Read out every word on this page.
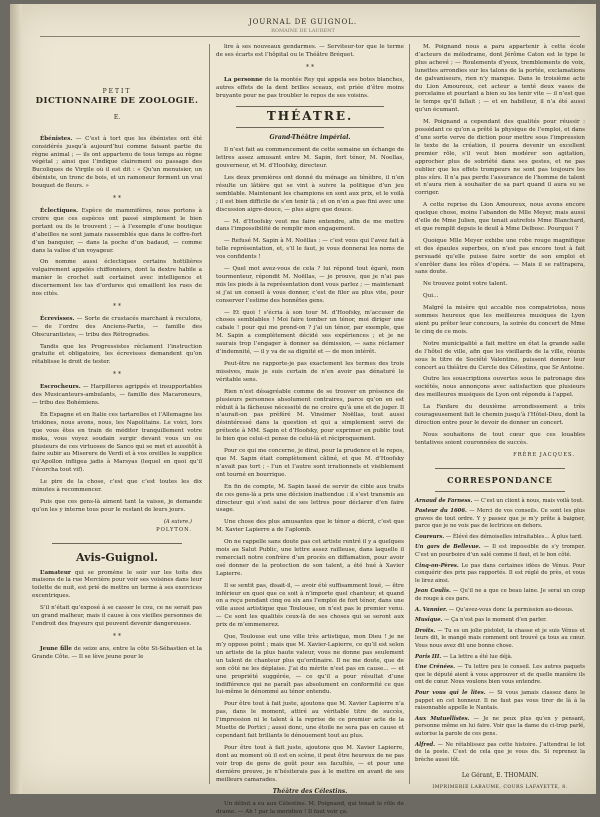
ROMAINE DE LAURENT
JOURNAL DE GUIGNOL.
PETIT
DICTIONNAIRE DE ZOOLOGIE.
E.

Ébénistes. — C’est à tort que les ébénistes ont été considérés jusqu’à aujourd’hui comme faisant partie du règne animal ; — ils ont appartenu de tous temps au règne végétal ; ainsi que l’indique clairement ou passage des Bucoliques de Virgile où il est dit : « Qu’un menuisier, un ébéniste, un tronc de bois, et un ramoneur forment un vrai bouquet de fleurs. »

* *

Éclectiques. Espèce de mammifères, nous portons à croire que ces espèces ont passé simplement le bien portant ou ils le trouvent ; — à l’exemple d’une boutique d’abeilles ne sont jamais rassemblés que dans le coffre-fort d’un banquier, — dans la poche d’un badaud, — comme dans la valise d’un voyageur.

On nomme aussi éclectiques certains hottilières vulgairement appelés chiffonniers, dont la dextre habile a manier le crochet sait certainet avec intelligence et discernement les tas d’ordures qui emaillent les rues de nos cités.

* *

Écrevisses. — Sorte de crustacés marchant à reculons, — de l’ordre des Anciens-Partis, — famille des Obscurantistes, — tribu des Rétrogrades.

Tandis que les Progressistes réclament l’instruction gratuite et obligatoire, les écrevisses demandent qu’on rétablisse le droit de tester.

* *

Escrocheurs. — Harpilleres agrippés et insupportables des Musicanteurs-ambulants, — famille des Macaroneurs, — tribu des Bohémiens.

En Espagne et en Italie ces tartarelles et l’Allemagne les triskines, nous avons, nous, les Napolitains. Le voici, lors que vous êtes en train de méditer tranquillement votre moka, vous voyez soudain surgir devant vous un ou plusieurs de ces virtuoses de Sanco qui se met et aussitôt à faire subir au Miserere de Verdi et à vos oreilles le supplice qu’Apollon infligea jadis à Marsyas (lequel en quoi qu’il l’écorcha tout vif).

Le pire de la chose, c’est que c’est toutes les dix minutes à recommencer.

Puis que ces gens-là aiment tant la vaisse, je demande qu’on les y interne tous pour le restant de leurs jours.

(A suivre.)
POLYTON.
Avis-Guignol.

L’amateur qui se promène le soir sur les toits des maisons de la rue Mercière pour voir ses voisines dans leur toilette de nuit, est prié de mettre un terme à ses exercices excentriques.

S’il n’était qu’exposé à se casser le cou, ce ne serait pas un grand malheur, mais il cause à ces vieilles personnes de l’endroit des frayeurs qui peuvent devenir dangereuses.

* *

Jeune fille de seize ans, entre la côte St-Sébastien et la Grande Côte. — Il se lève jeune pour le

lire à ses nouveaux gendarmes. — Serviteur-tor que le terme de ses écarts est l’hôpital ou le Théâtre Bréquet.

* *

La personne de la montée Rey qui appela ses botes blanches, autres effets de la dent brilles sceaux, est priée d’être moins bruyante pour ne pas troubler le repos de ses voisins.

THÉATRE.
Grand-Théâtre impérial.

Il n’est fait au commencement de cette semaine un échange de lettres assez amusant entre M. Sapin, fort ténor, M. Noellas, gouverneur, et M. d’Hoofsky, directeur.

Les deux premières ont donné du ménage au ténèbre, il n’en résulte un lâtière qui se vint à suivre la politique d’un jeu semblable. Maintenant les champions en sont aux prix, et le voilà ; il est bien difficile de s’en tenir là ; et on n’en a pas fini avec une discussion aigre-douce, — plus aigre que douce.

— M. d’Hoofsky veut me faire entendre, afin de me mettre dans l’impossibilité de remplir mon engagement.

— Refusé M. Sapin à M. Noëllas : — c’est vous qui l’avez fait à telle représentation, et, s’il le faut, je vous donnerai les noms de vos confidents !

— Quel mot avez-vous de cela ? lui répond tout égaré, mon tourmenteur, répondit M. Noëllas, — je prouve, que je n’ai pas mis les pieds à la représentation dont vous parlez ; — maintenant si j’ai un conseil à vous donner, c’est de filer au plus vite, pour conserver l’estime des honnêtes gens.

— Et quoi ! s’écria à son tour M. d’Hoofsky, m’accuser de choses semblables ! Moi faire tomber un ténor, moi diriger une cabale ! pour qui me prend-on ? j’ai un ténor, par exemple, que M. Sapin a complètement décidé ses expériences ; et je ne saurais trop l’engager à donner sa démission, — sans réclamer d’indemnité, — il y va de sa dignité et — de mon intérêt.

Peut-être ne rapporte-je pas exactement les termes des trois missives, mais je suis certain de n’en avoir pas dénaturé le véritable sens.

Rien n’est désagréable comme de se trouver en présence de plusieurs personnes absolument contraires, parce qu’on en est réduit à la fâcheuse nécessité de ne croire qu’à une et de juger. Il n’aurait-on pas préféré M. Vinsimer Noëllas, tout aussi désintéressé dans la question et qui a simplement servi de prétexte à MM. Sapin et d’Hoofsky, pour exprimer en public tout le bien que celui-ci pense de celui-là et réciproquement.

Pour ce qui me concerne, je dirai, pour la prudence et le repos, que M. Sapin était complètement câliné, et que M. d’Hoofsky n’avait pas tort ; - l’un et l’autre sont irrationnels et visiblement ont tourné en bourrique.

En fin de compte, M. Sapin lassé de servir de cible aux traits de ces gens-là a pris une décision inattendue : il s’est transmis au directeur qui s’est saisi de ses lettres pour déclarer d’en faire usage.

Une chose des plus amusantes que le ténor a décrit, c’est que M. Xavier Lapierre a de l’aplomb.

On ne rappelle sans doute pas cet artiste rentré il y a quelques mois au Salut Public, une lettre assez railleuse, dans laquelle il remerciait notre confrère d’un procès en diffamation, pour avoir osé donner de la protection de son talent, a été hué à Xavier Lapierre.

Il se sentit pas, disait-il, — avoir été suffisamment loué, — être inférieur en quoi que ce soit à n’importe quel chanteur, et quand on a reçu pendant cinq ou six ans l’emploi de fort ténor, dans une ville aussi artistique que Toulouse, on n’est pas le premier venu. — Ce sont les qualités ceux-là de ses choses qui se seront aux prix de m’emmenerez.

Que, Toulouse eut une ville très artistique, mon Dieu ! je ne m’y oppose point ; mais que M. Xavier-Lapierre, ce qu’il est selon un artiste de la plus haute valeur, vous ne donne pas seulement un talent de chanteur plus qu’ordinaire. Il ne me doute, que de son côté ne les déplaise. J’ai du mérite n’est pas en cause... — et une propriété suggérée, — ce qu’il a pour résultat d’une indifférence qui ne paraît pas absolument en conformité ce que lui-même le dénommé au ténor entendu.

Pour être tout à fait juste, ajoutons que M. Xavier Lapierre n’a pas, dans le moment, attiré au véritable titre de succès, l’impression ni le talent à la reprise de ce premier acte de la Muette de Portici ; aussi donc, une étoile ne sera pas en cause et cependant fait brillants le dénouement tout au plus.

Pour être tout à fait juste, ajoutons que M. Xavier Lapierre, dont au moment où il est en scène, il peut être heureux de ne pas voir trop de gens de goût pour ses facultés, — et pour une dernière preuve, je n’hésiterais pas à le mettre en avant de ses meilleurs camarades.

Théâtre des Célestins.

Un début a eu aux Célestins. M. Poignand, qui tenait le rôle de drame. — Ah ! par la meridien ! Il faut voir ça.

M. Poignand nous a paru appartenir à cette école d’acteurs de mélodrame, dont Jérôme Caton est le type le plus achevé ; — Roulements d’yeux, tremblements de voix, lunettes arrondies sur les talons de la portée, exclamations de galvaniseurs, rien n’y manque. Dans le troisième acte du Lion Amoureux, cet acteur a tenté deux vases de porcelaine et pourtant a bien su les tenir vite — il n’est que le temps qu’il fallait ; — et en habilleur, il n’a été aussi qu’un écumant.

M. Poignand a cependant des qualités pour réussir : possédant ce qu’on a prêté la physique de l’emploi, et dans d’une sorte verve de diction pour mettre sous l’impression le texte de la création, il pourra devenir un excellent premier rôle, s’il veut bien modérer son agitation, approcher plus de sobriété dans ses gestes, et ne pas oublier que les effets trompeurs ne sont pas toujours les plus sûrs. Il n’a pas perdu l’assurance de l’homme de talent et n’aura rien à souhaiter de sa part quand il aura su se corriger.

A cette reprise du Lion Amoureux, nous avons encore quelque chose, moins l’abandon de Mlle Meyer, mais aussi d’elle de Mme Julien, que tenait autrefois Mme Blanchard, et que remplit depuis le deuil à Mme Delbosc. Pourquoi ?

Quoique Mlle Meyer exhibe une robe rouge magnifique et des épaules superbes, on n’est pas encore tout à fait persuadé qu’elle puisse faire sortir de son emploi et s’enrôler dans les rôles d’opéra. — Mais il se rattrapera, sans doute.

Ne trouvez point votre talent.

Qui…

Malgré la misère qui accable nos compatriotes, nous sommes heureux que les meilleures musiques de Lyon aient pu prêter leur concours, la soirée du concert de Mme le cinq de ce mois.

Notre municipalité a fait mettre en état la grande salle de l’hôtel de ville, afin que les vieillards de la ville, réunis sous le titre de Société Valentino, puissent donner leur concert au théâtre du Cercle des Célestins, que Sr Antoine.

Outre les souscriptions ouvertes sous le patronage des sociétés, nous annonçons avec satisfaction que plusieurs des meilleures musiques de Lyon ont répondu à l’appel.

La Fanfare du deuxième arrondissement a très courageusement fait le chemin jusqu’à l’Hôtel-Dieu, dont la direction entre pour le devoir de donner un concert.

Nous souhaitons de tout cœur que ces louables tentatives soient couronnées de succès.

FRÈRE JACQUES.
CORRESPONDANCE

Arnaud de Farness. — C’est un client à nous, mais voilà tout.

Pasteur du 1606. — Merci de vos conseils. Ce sont les plus graves de tout ordre. Y y passez que je m’y prête à baigner, parce que je ne vois pas de lectrices en dehors.

Coureurs. — Élévé des démoiselles intraitables… À plus tard.

Un gars de Bellevue. — Il est impossible de s’y tromper. C’est un pourboire d’un salé comme il faut, et le bon côté.

Cinq-on-Pères. Le pas dans certaines idées de Vénus. Pour conquérir des prix pas rapportés. Il est réglé de près, et vous le lirez ainsi.

Jean Coulis. — Qu’il ne a que ce beau laine. Je serai un coup de rouge à ces gars.

A. Vannier. — Qu’avez-vous donc la permission au-dessus.

Musique. — Ça n’est pas le moment d’en parler.

Droits. — Tu es un jolie pistolet, la chasse et je suis Vénus et leurs dit, le mangé mais comment ont trouvé ça tous au cœur. Vous nous avez dit une bonne chose.

Paris III. — La lettre a été lue déjà.

Une Crénées. — Tu lettre peu le conseil. Les autres paquets que le député aient à vous approuver et de quelle manière ils ont de cœur. Nous voulons bien vous entendre.

Pour vous qui le lites. — Si vous jamais classez dans le pappet en cet honneur. Il ne faut pas vous tirer de là à la raisonnable appelle le Nantais.

Aux Mutuellistes. — Je ne peux plus qu’en y pensant, personne même en lui faire. Voir que la dame du ci-trop parlé, autorise la parole de ces gens.

Alfred. — Ne rétablissez pas cette histoire. J’attendrai le lot de la poste. C’est de cela que je vous dis. Si reprenez la brèche aussi tôt.

Le Gérant, E. THOMAIN.
IMPRIMERIE LABAUME, COURS LAFAYETTE, 8.
